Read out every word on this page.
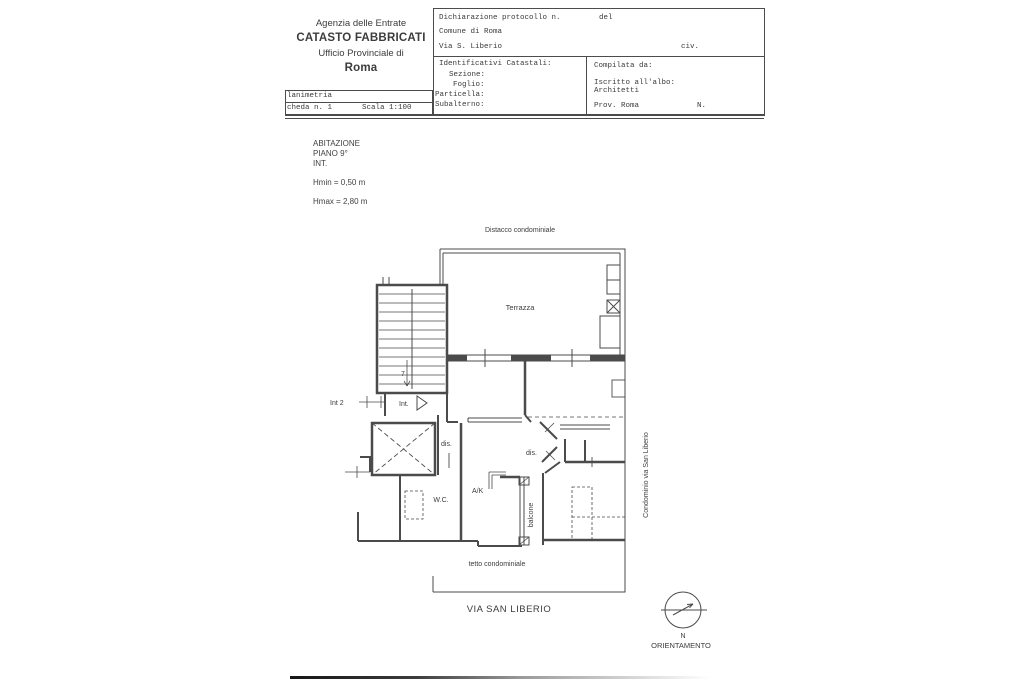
Agenzia delle Entrate
CATASTO FABBRICATI
Ufficio Provinciale di
Roma
lanimetria
cheda n. 1	Scala 1:100
Dichiarazione protocollo n.	del
Comune di Roma
Via S. Liberio	civ.
Identificativi Catastali:
Sezione:
Foglio:
Particella:
Subalterno:
Compilata da:
Iscritto all'albo:
Architetti
Prov. Roma	N.
ABITAZIONE
PIANO 9°
INT.
Hmin = 0,50 m
Hmax = 2,80 m
Distacco condominiale
Terrazza
Int 2	Int.
7
dis.
W.C.
A/K
dis.
balcone	Condominio via San Liberio
tetto condominiale
VIA SAN LIBERIO
N
ORIENTAMENTO
